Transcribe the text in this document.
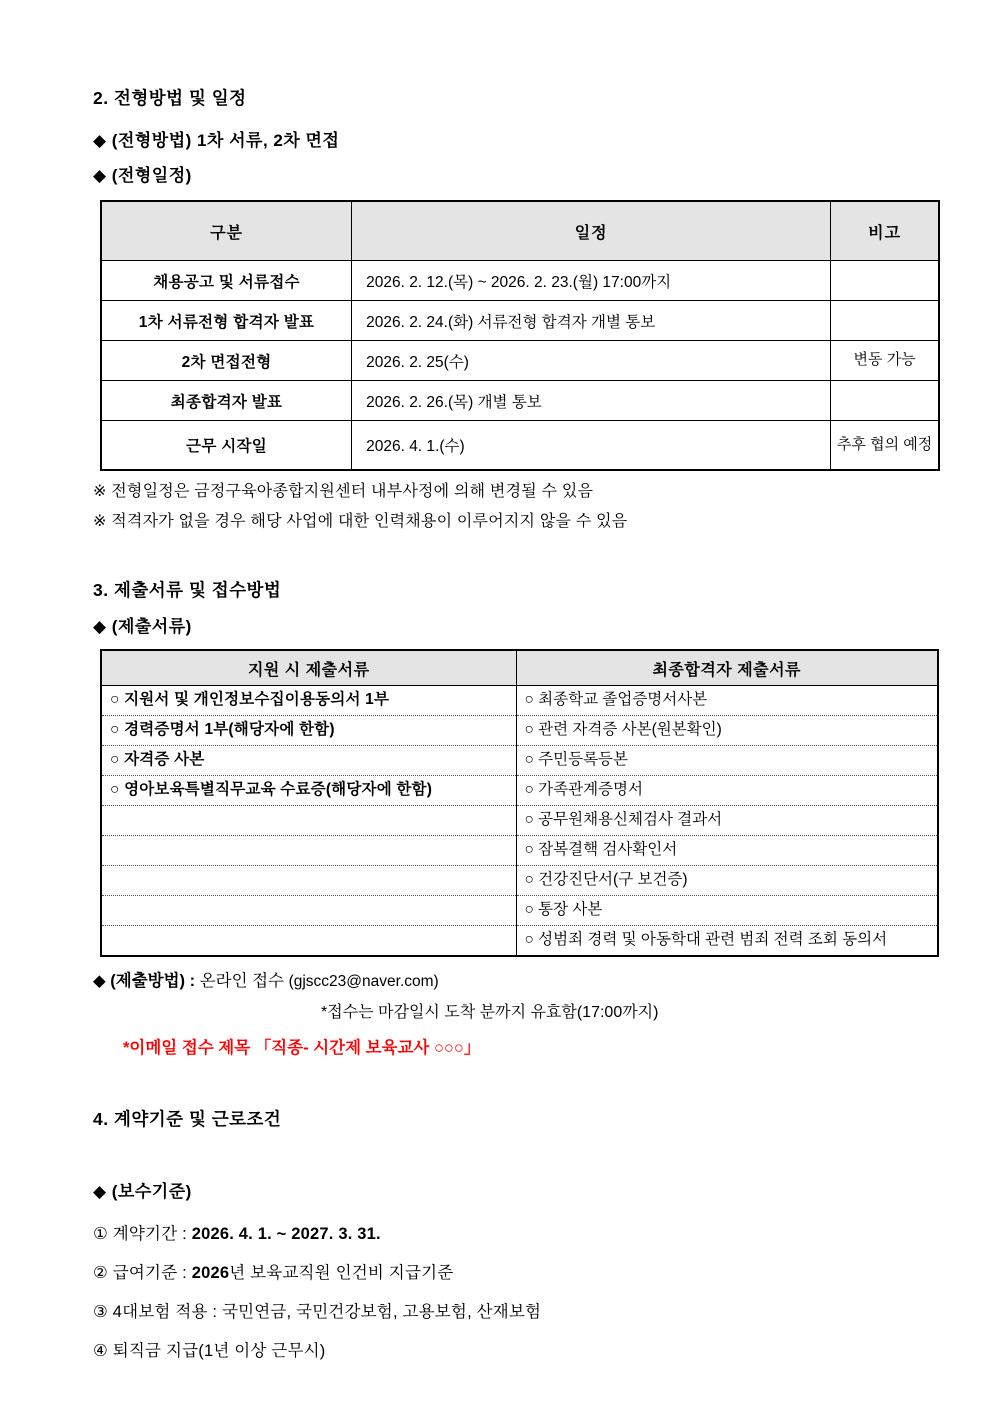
2. 전형방법 및 일정
◆ (전형방법) 1차 서류, 2차 면접
◆ (전형일정)
구분	일정	비고
채용공고 및 서류접수	2026. 2. 12.(목) ~ 2026. 2. 23.(월) 17:00까지	
1차 서류전형 합격자 발표	2026. 2. 24.(화) 서류전형 합격자 개별 통보	
2차 면접전형	2026. 2. 25(수)	변동 가능
최종합격자 발표	2026. 2. 26.(목) 개별 통보	
근무 시작일	2026. 4. 1.(수)	추후 협의 예정
※ 전형일정은 금정구육아종합지원센터 내부사정에 의해 변경될 수 있음
※ 적격자가 없을 경우 해당 사업에 대한 인력채용이 이루어지지 않을 수 있음
3. 제출서류 및 접수방법
◆ (제출서류)
지원 시 제출서류	최종합격자 제출서류
○ 지원서 및 개인정보수집이용동의서 1부	○ 최종학교 졸업증명서사본
○ 경력증명서 1부(해당자에 한함)	○ 관련 자격증 사본(원본확인)
○ 자격증 사본	○ 주민등록등본
○ 영아보육특별직무교육 수료증(해당자에 한함)	○ 가족관계증명서
	○ 공무원채용신체검사 결과서
	○ 잠복결핵 검사확인서
	○ 건강진단서(구 보건증)
	○ 통장 사본
	○ 성범죄 경력 및 아동학대 관련 범죄 전력 조회 동의서
◆ (제출방법) : 온라인 접수 (gjscc23@naver.com)
*접수는 마감일시 도착 분까지 유효함(17:00까지)
*이메일 접수 제목 「직종- 시간제 보육교사 ○○○」
4. 계약기준 및 근로조건
◆ (보수기준)
① 계약기간 : 2026. 4. 1. ~ 2027. 3. 31.
② 급여기준 : 2026년 보육교직원 인건비 지급기준
③ 4대보험 적용 : 국민연금, 국민건강보험, 고용보험, 산재보험
④ 퇴직금 지급(1년 이상 근무시)
